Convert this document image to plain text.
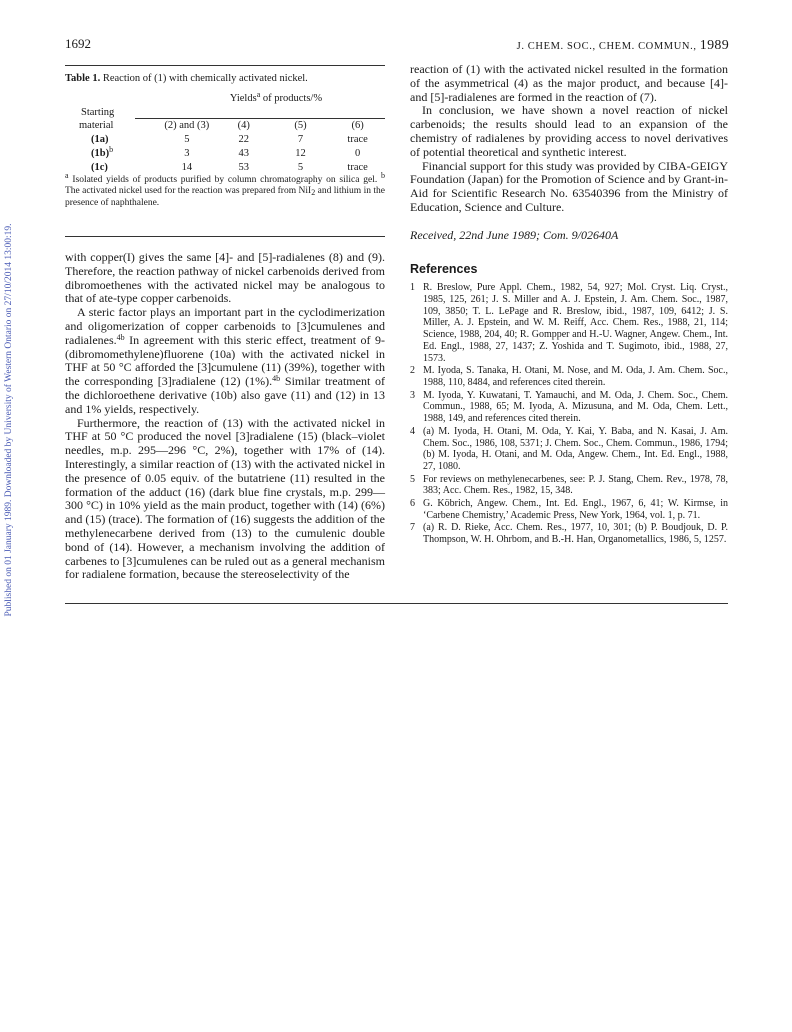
Published on 01 January 1989. Downloaded by University of Western Ontario on 27/10/2014 13:00:19.
1692	J. CHEM. SOC., CHEM. COMMUN., 1989

Table 1. Reaction of (1) with chemically activated nickel.

	Yields$^a$ of products/%			
Starting				
material	(2) and (3)	(4)	(5)	(6)
(1a)	5	22	7	trace
$(1b)^b$	3	43	12	0
(1c)	14	53	5	trace

$^a$ Isolated yields of products purified by column chromatography on silica gel. $^b$ The activated nickel used for the reaction was prepared from NiI$_2$ and lithium in the presence of naphthalene.

with copper(I) gives the same [4]- and [5]-radialenes (8) and (9). Therefore, the reaction pathway of nickel carbenoids derived from dibromoethenes with the activated nickel may be analogous to that of ate-type copper carbenoids.

A steric factor plays an important part in the cyclodimerization and oligomerization of copper carbenoids to [3]cumulenes and radialenes.$^{4b}$ In agreement with this steric effect, treatment of 9-(dibromomethylene)fluorene (10a) with the activated nickel in THF at 50 °C afforded the [3]cumulene (11) (39%), together with the corresponding [3]radialene (12) (1%).$^{4b}$ Similar treatment of the dichloroethene derivative (10b) also gave (11) and (12) in 13 and 1% yields, respectively.

Furthermore, the reaction of (13) with the activated nickel in THF at 50 °C produced the novel [3]radialene (15) (black–violet needles, m.p. 295—296 °C, 2%), together with 17% of (14). Interestingly, a similar reaction of (13) with the activated nickel in the presence of 0.05 equiv. of the butatriene (11) resulted in the formation of the adduct (16) (dark blue fine crystals, m.p. 299—300 °C) in 10% yield as the main product, together with (14) (6%) and (15) (trace). The formation of (16) suggests the addition of the methylenecarbene derived from (13) to the cumulenic double bond of (14). However, a mechanism involving the addition of carbenes to [3]cumulenes can be ruled out as a general mechanism for radialene formation, because the stereoselectivity of the

reaction of (1) with the activated nickel resulted in the formation of the asymmetrical (4) as the major product, and because [4]- and [5]-radialenes are formed in the reaction of (7).

In conclusion, we have shown a novel reaction of nickel carbenoids; the results should lead to an expansion of the chemistry of radialenes by providing access to novel derivatives of potential theoretical and synthetic interest.

Financial support for this study was provided by CIBA-GEIGY Foundation (Japan) for the Promotion of Science and by Grant-in-Aid for Scientific Research No. 63540396 from the Ministry of Education, Science and Culture.

Received, 22nd June 1989; Com. 9/02640A

References

1 R. Breslow, Pure Appl. Chem., 1982, 54, 927; Mol. Cryst. Liq. Cryst., 1985, 125, 261; J. S. Miller and A. J. Epstein, J. Am. Chem. Soc., 1987, 109, 3850; T. L. LePage and R. Breslow, ibid., 1987, 109, 6412; J. S. Miller, A. J. Epstein, and W. M. Reiff, Acc. Chem. Res., 1988, 21, 114; Science, 1988, 204, 40; R. Gompper and H.-U. Wagner, Angew. Chem., Int. Ed. Engl., 1988, 27, 1437; Z. Yoshida and T. Sugimoto, ibid., 1988, 27, 1573.
2 M. Iyoda, S. Tanaka, H. Otani, M. Nose, and M. Oda, J. Am. Chem. Soc., 1988, 110, 8484, and references cited therein.
3 M. Iyoda, Y. Kuwatani, T. Yamauchi, and M. Oda, J. Chem. Soc., Chem. Commun., 1988, 65; M. Iyoda, A. Mizusuna, and M. Oda, Chem. Lett., 1988, 149, and references cited therein.
4 (a) M. Iyoda, H. Otani, M. Oda, Y. Kai, Y. Baba, and N. Kasai, J. Am. Chem. Soc., 1986, 108, 5371; J. Chem. Soc., Chem. Commun., 1986, 1794; (b) M. Iyoda, H. Otani, and M. Oda, Angew. Chem., Int. Ed. Engl., 1988, 27, 1080.
5 For reviews on methylenecarbenes, see: P. J. Stang, Chem. Rev., 1978, 78, 383; Acc. Chem. Res., 1982, 15, 348.
6 G. Köbrich, Angew. Chem., Int. Ed. Engl., 1967, 6, 41; W. Kirmse, in ‘Carbene Chemistry,’ Academic Press, New York, 1964, vol. 1, p. 71.
7 (a) R. D. Rieke, Acc. Chem. Res., 1977, 10, 301; (b) P. Boudjouk, D. P. Thompson, W. H. Ohrbom, and B.-H. Han, Organometallics, 1986, 5, 1257.
